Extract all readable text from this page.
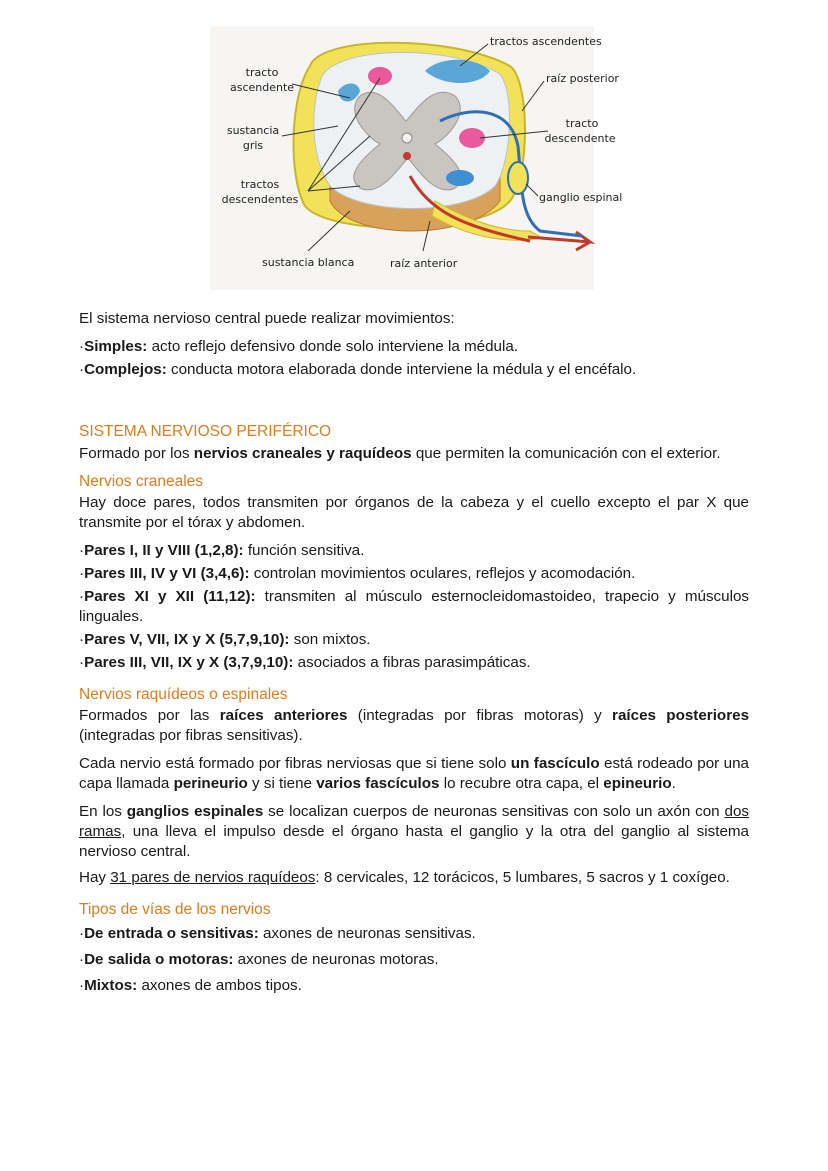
tracto
ascendente
sustancia
gris
tractos
descendentes
sustancia blanca	raíz anterior
tractos ascendentes
raíz posterior
tracto
descendente
ganglio espinal

El sistema nervioso central puede realizar movimientos:

·Simples: acto reflejo defensivo donde solo interviene la médula.

·Complejos: conducta motora elaborada donde interviene la médula y el encéfalo.

SISTEMA NERVIOSO PERIFÉRICO

Formado por los nervios craneales y raquídeos que permiten la comunicación con el exterior.

Nervios craneales

Hay doce pares, todos transmiten por órganos de la cabeza y el cuello excepto el par X que transmite por el tórax y abdomen.

·Pares I, II y VIII (1,2,8): función sensitiva.

·Pares III, IV y VI (3,4,6): controlan movimientos oculares, reflejos y acomodación.

·Pares XI y XII (11,12): transmiten al músculo esternocleidomastoideo, trapecio y músculos linguales.

·Pares V, VII, IX y X (5,7,9,10): son mixtos.

·Pares III, VII, IX y X (3,7,9,10): asociados a fibras parasimpáticas.

Nervios raquídeos o espinales

Formados por las raíces anteriores (integradas por fibras motoras) y raíces posteriores (integradas por fibras sensitivas).

Cada nervio está formado por fibras nerviosas que si tiene solo un fascículo está rodeado por una capa llamada perineurio y si tiene varios fascículos lo recubre otra capa, el epineurio.

En los ganglios espinales se localizan cuerpos de neuronas sensitivas con solo un axón con dos ramas, una lleva el impulso desde el órgano hasta el ganglio y la otra del ganglio al sistema nervioso central.

Hay 31 pares de nervios raquídeos: 8 cervicales, 12 torácicos, 5 lumbares, 5 sacros y 1 coxígeo.

Tipos de vías de los nervios

·De entrada o sensitivas: axones de neuronas sensitivas.

·De salida o motoras: axones de neuronas motoras.

·Mixtos: axones de ambos tipos.
